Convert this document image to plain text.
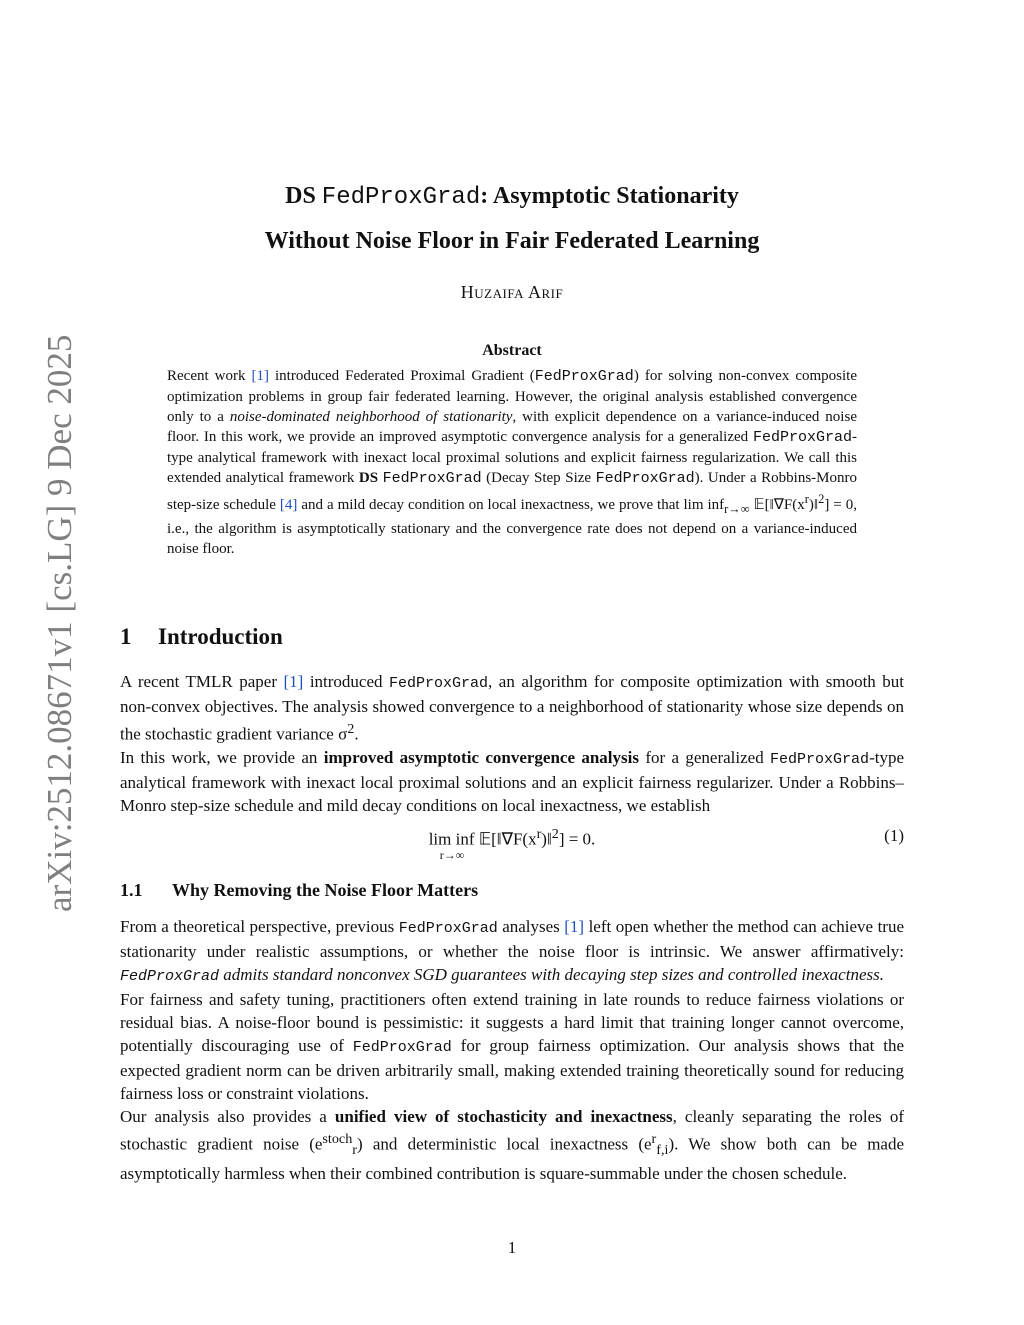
arXiv:2512.08671v1 [cs.LG] 9 Dec 2025
DS FedProxGrad: Asymptotic Stationarity
Without Noise Floor in Fair Federated Learning
Huzaifa Arif
Abstract
Recent work [1] introduced Federated Proximal Gradient (FedProxGrad) for solving non-convex composite optimization problems in group fair federated learning. However, the original analysis established convergence only to a noise-dominated neighborhood of stationarity, with explicit dependence on a variance-induced noise floor. In this work, we provide an improved asymptotic convergence analysis for a generalized FedProxGrad-type analytical framework with inexact local proximal solutions and explicit fairness regularization. We call this extended analytical framework DS FedProxGrad (Decay Step Size FedProxGrad). Under a Robbins-Monro step-size schedule [4] and a mild decay condition on local inexactness, we prove that lim inf$_{r\to\infty}$ $𝔼[‖\nabla F(x^r)‖^2] = 0$, i.e., the algorithm is asymptotically stationary and the convergence rate does not depend on a variance-induced noise floor.
1 Introduction

A recent TMLR paper [1] introduced FedProxGrad, an algorithm for composite optimization with smooth but non-convex objectives. The analysis showed convergence to a neighborhood of stationarity whose size depends on the stochastic gradient variance $\sigma^2$.

In this work, we provide an improved asymptotic convergence analysis for a generalized FedProxGrad-type analytical framework with inexact local proximal solutions and an explicit fairness regularizer. Under a Robbins–Monro step-size schedule and mild decay conditions on local inexactness, we establish

lim inf $𝔼[‖\nabla F(x^r)‖^2] = 0$.
$^{r\to\infty}$
(1)
1.1 Why Removing the Noise Floor Matters

From a theoretical perspective, previous FedProxGrad analyses [1] left open whether the method can achieve true stationarity under realistic assumptions, or whether the noise floor is intrinsic. We answer affirmatively: FedProxGrad admits standard nonconvex SGD guarantees with decaying step sizes and controlled inexactness.

For fairness and safety tuning, practitioners often extend training in late rounds to reduce fairness violations or residual bias. A noise-floor bound is pessimistic: it suggests a hard limit that training longer cannot overcome, potentially discouraging use of FedProxGrad for group fairness optimization. Our analysis shows that the expected gradient norm can be driven arbitrarily small, making extended training theoretically sound for reducing fairness loss or constraint violations.

Our analysis also provides a unified view of stochasticity and inexactness, cleanly separating the roles of stochastic gradient noise $(e^{stoch}_r)$ and deterministic local inexactness $(e^r_{f,i})$. We show both can be made asymptotically harmless when their combined contribution is square-summable under the chosen schedule.

1
